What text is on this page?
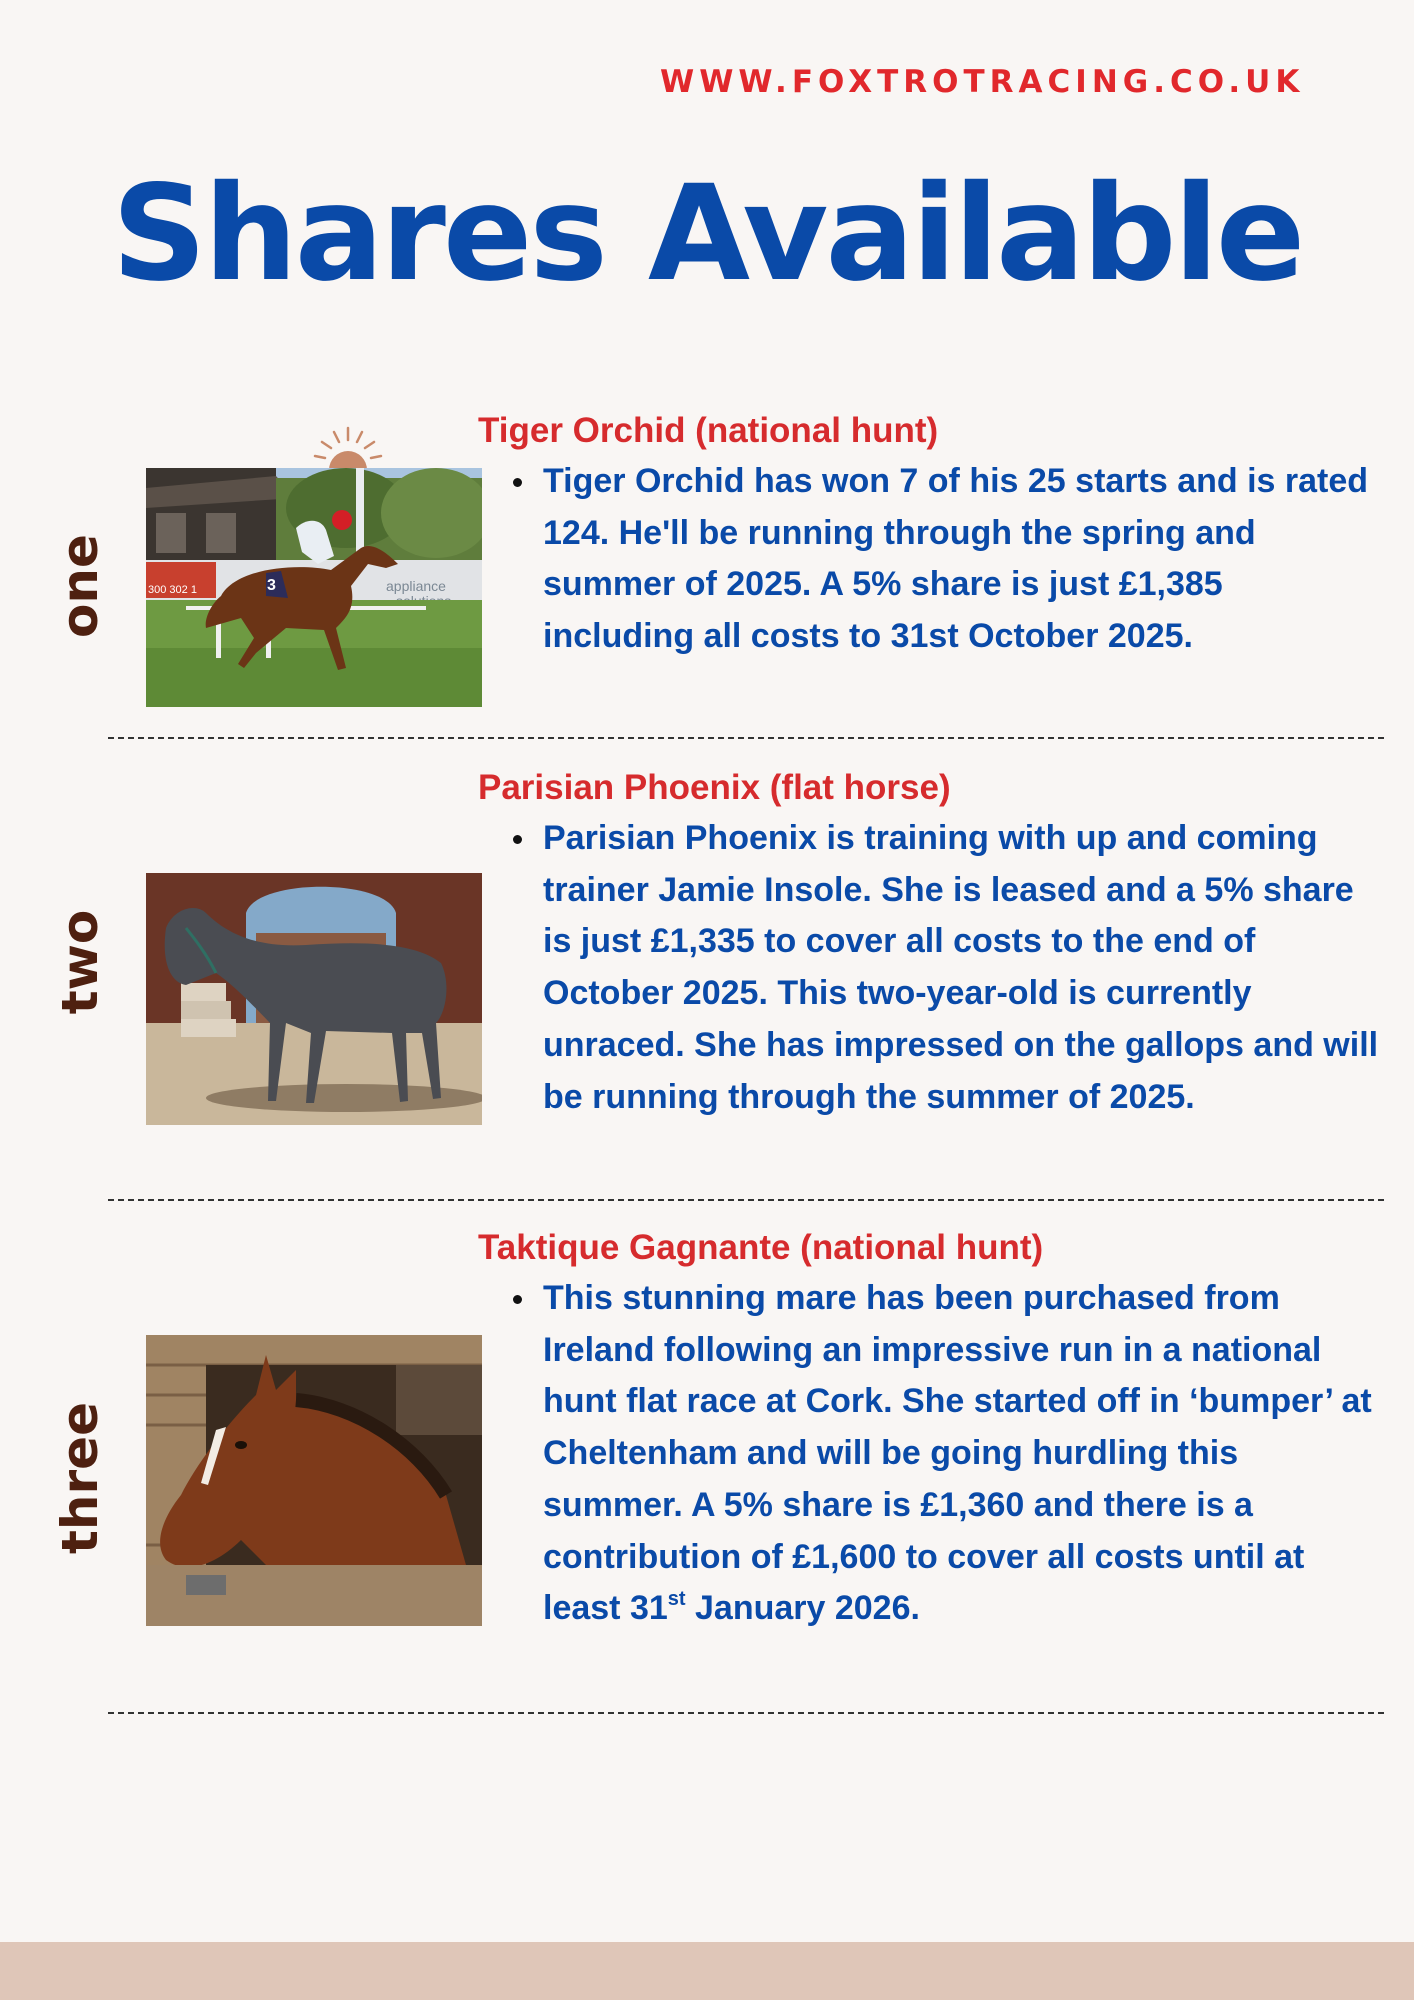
WWW.FOXTROTRACING.CO.UK
Shares Available
one	300 302 1	appliance
3
Tiger Orchid (national hunt)
Tiger Orchid has won 7 of his 25 starts and is rated 124. He'll be running through the spring and summer of 2025. A 5% share is just £1,385 including all costs to 31st October 2025.
two
Parisian Phoenix (flat horse)
Parisian Phoenix is training with up and coming trainer Jamie Insole. She is leased and a 5% share is just £1,335 to cover all costs to the end of October 2025. This two-year-old is currently unraced. She has impressed on the gallops and will be running through the summer of 2025.
three
Taktique Gagnante (national hunt)
This stunning mare has been purchased from Ireland following an impressive run in a national hunt flat race at Cork. She started off in ‘bumper’ at Cheltenham and will be going hurdling this summer. A 5% share is £1,360 and there is a contribution of £1,600 to cover all costs until at least 31st January 2026.
